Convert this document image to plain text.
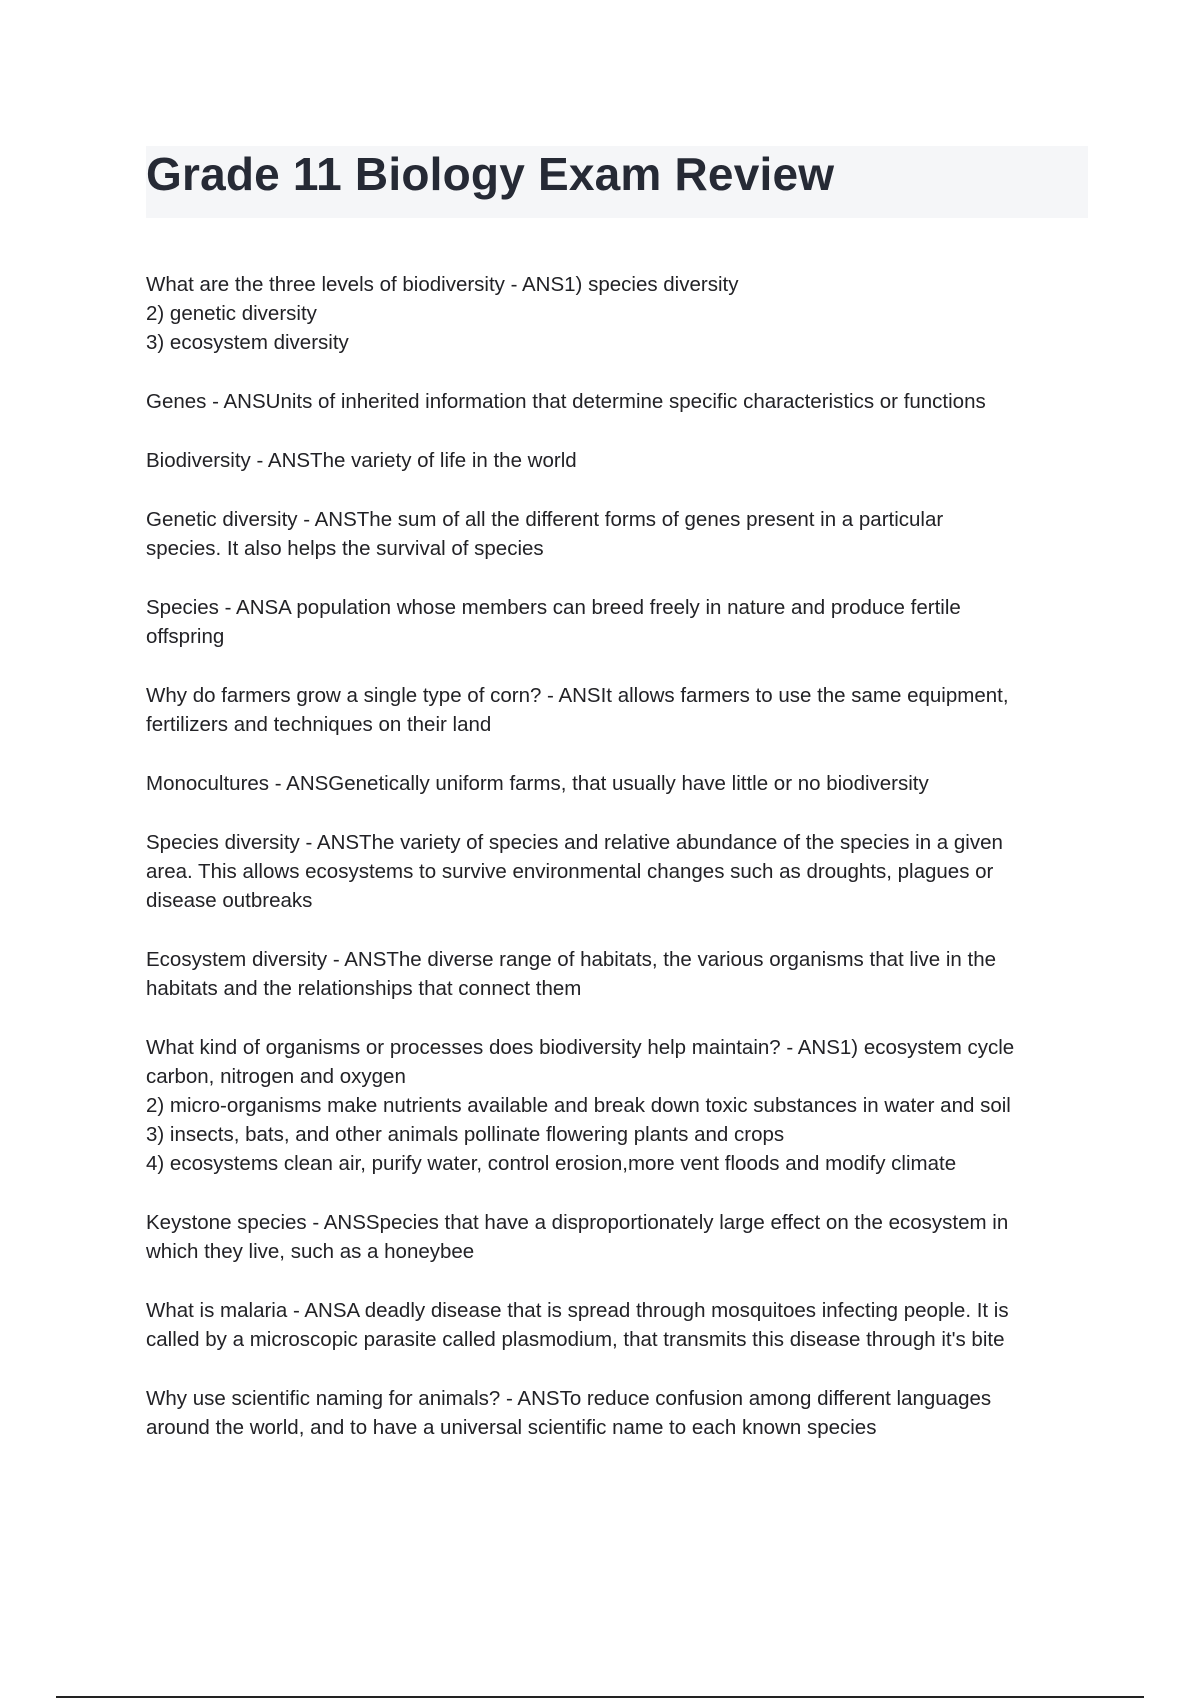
Grade 11 Biology Exam Review

What are the three levels of biodiversity - ANS1) species diversity
2) genetic diversity
3) ecosystem diversity

Genes - ANSUnits of inherited information that determine specific characteristics or functions

Biodiversity - ANSThe variety of life in the world

Genetic diversity - ANSThe sum of all the different forms of genes present in a particular
species. It also helps the survival of species

Species - ANSA population whose members can breed freely in nature and produce fertile
offspring

Why do farmers grow a single type of corn? - ANSIt allows farmers to use the same equipment,
fertilizers and techniques on their land

Monocultures - ANSGenetically uniform farms, that usually have little or no biodiversity

Species diversity - ANSThe variety of species and relative abundance of the species in a given
area. This allows ecosystems to survive environmental changes such as droughts, plagues or
disease outbreaks

Ecosystem diversity - ANSThe diverse range of habitats, the various organisms that live in the
habitats and the relationships that connect them

What kind of organisms or processes does biodiversity help maintain? - ANS1) ecosystem cycle
carbon, nitrogen and oxygen
2) micro-organisms make nutrients available and break down toxic substances in water and soil
3) insects, bats, and other animals pollinate flowering plants and crops
4) ecosystems clean air, purify water, control erosion,more vent floods and modify climate

Keystone species - ANSSpecies that have a disproportionately large effect on the ecosystem in
which they live, such as a honeybee

What is malaria - ANSA deadly disease that is spread through mosquitoes infecting people. It is
called by a microscopic parasite called plasmodium, that transmits this disease through it's bite

Why use scientific naming for animals? - ANSTo reduce confusion among different languages
around the world, and to have a universal scientific name to each known species
